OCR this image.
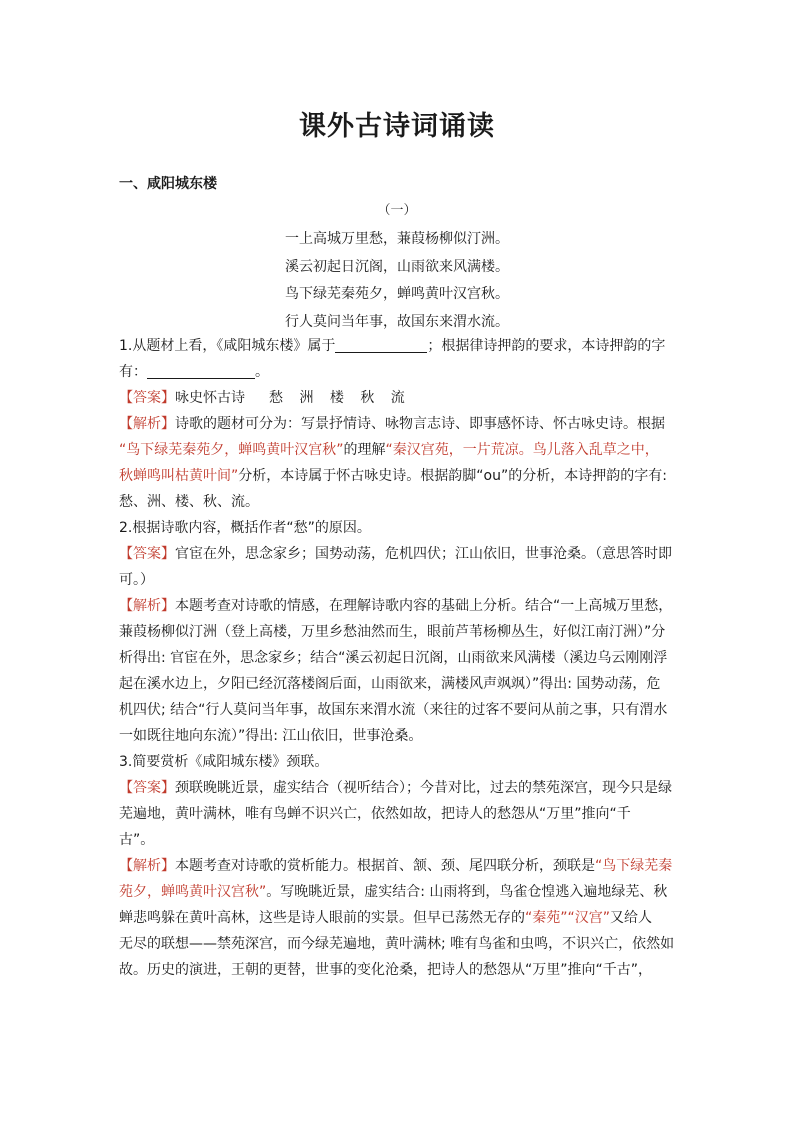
课外古诗词诵读
一、咸阳城东楼
（一）
一上高城万里愁，蒹葭杨柳似汀洲。
溪云初起日沉阁，山雨欲来风满楼。
鸟下绿芜秦苑夕，蝉鸣黄叶汉宫秋。
行人莫问当年事，故国东来渭水流。

1.从题材上看，《咸阳城东楼》属于	；根据律诗押韵的要求，本诗押韵的字

有：	。

【答案】咏史怀古诗 愁 洲 楼 秋 流

【解析】诗歌的题材可分为：写景抒情诗、咏物言志诗、即事感怀诗、怀古咏史诗。根据

“鸟下绿芜秦苑夕，蝉鸣黄叶汉宫秋”的理解“秦汉宫苑，一片荒凉。鸟儿落入乱草之中，

秋蝉鸣叫枯黄叶间”分析，本诗属于怀古咏史诗。根据韵脚“ou”的分析，本诗押韵的字有:

愁、洲、楼、秋、流。

2.根据诗歌内容，概括作者“愁”的原因。

【答案】官宦在外，思念家乡；国势动荡，危机四伏；江山依旧，世事沧桑。（意思答时即

可。）

【解析】本题考查对诗歌的情感，在理解诗歌内容的基础上分析。结合“一上高城万里愁，

蒹葭杨柳似汀洲（登上高楼，万里乡愁油然而生，眼前芦苇杨柳丛生，好似江南汀洲）”分

析得出: 官宦在外，思念家乡；结合“溪云初起日沉阁，山雨欲来风满楼（溪边乌云刚刚浮

起在溪水边上，夕阳已经沉落楼阁后面，山雨欲来，满楼风声飒飒）”得出: 国势动荡，危

机四伏; 结合“行人莫问当年事，故国东来渭水流（来往的过客不要问从前之事，只有渭水

一如既往地向东流）”得出: 江山依旧，世事沧桑。

3.简要赏析《咸阳城东楼》颈联。

【答案】颈联晚眺近景，虚实结合（视听结合）；今昔对比，过去的禁苑深宫，现今只是绿

芜遍地，黄叶满林，唯有鸟蝉不识兴亡，依然如故，把诗人的愁怨从“万里”推向“千

古”。

【解析】本题考查对诗歌的赏析能力。根据首、颔、颈、尾四联分析，颈联是“鸟下绿芜秦

苑夕，蝉鸣黄叶汉宫秋”。写晚眺近景，虚实结合: 山雨将到，鸟雀仓惶逃入遍地绿芜、秋

蝉悲鸣躲在黄叶高林，这些是诗人眼前的实景。但早已荡然无存的“秦苑”“汉宫”又给人

无尽的联想——禁苑深宫，而今绿芜遍地，黄叶满林; 唯有鸟雀和虫鸣，不识兴亡，依然如

故。历史的演进，王朝的更替，世事的变化沧桑，把诗人的愁怨从“万里”推向“千古”，
